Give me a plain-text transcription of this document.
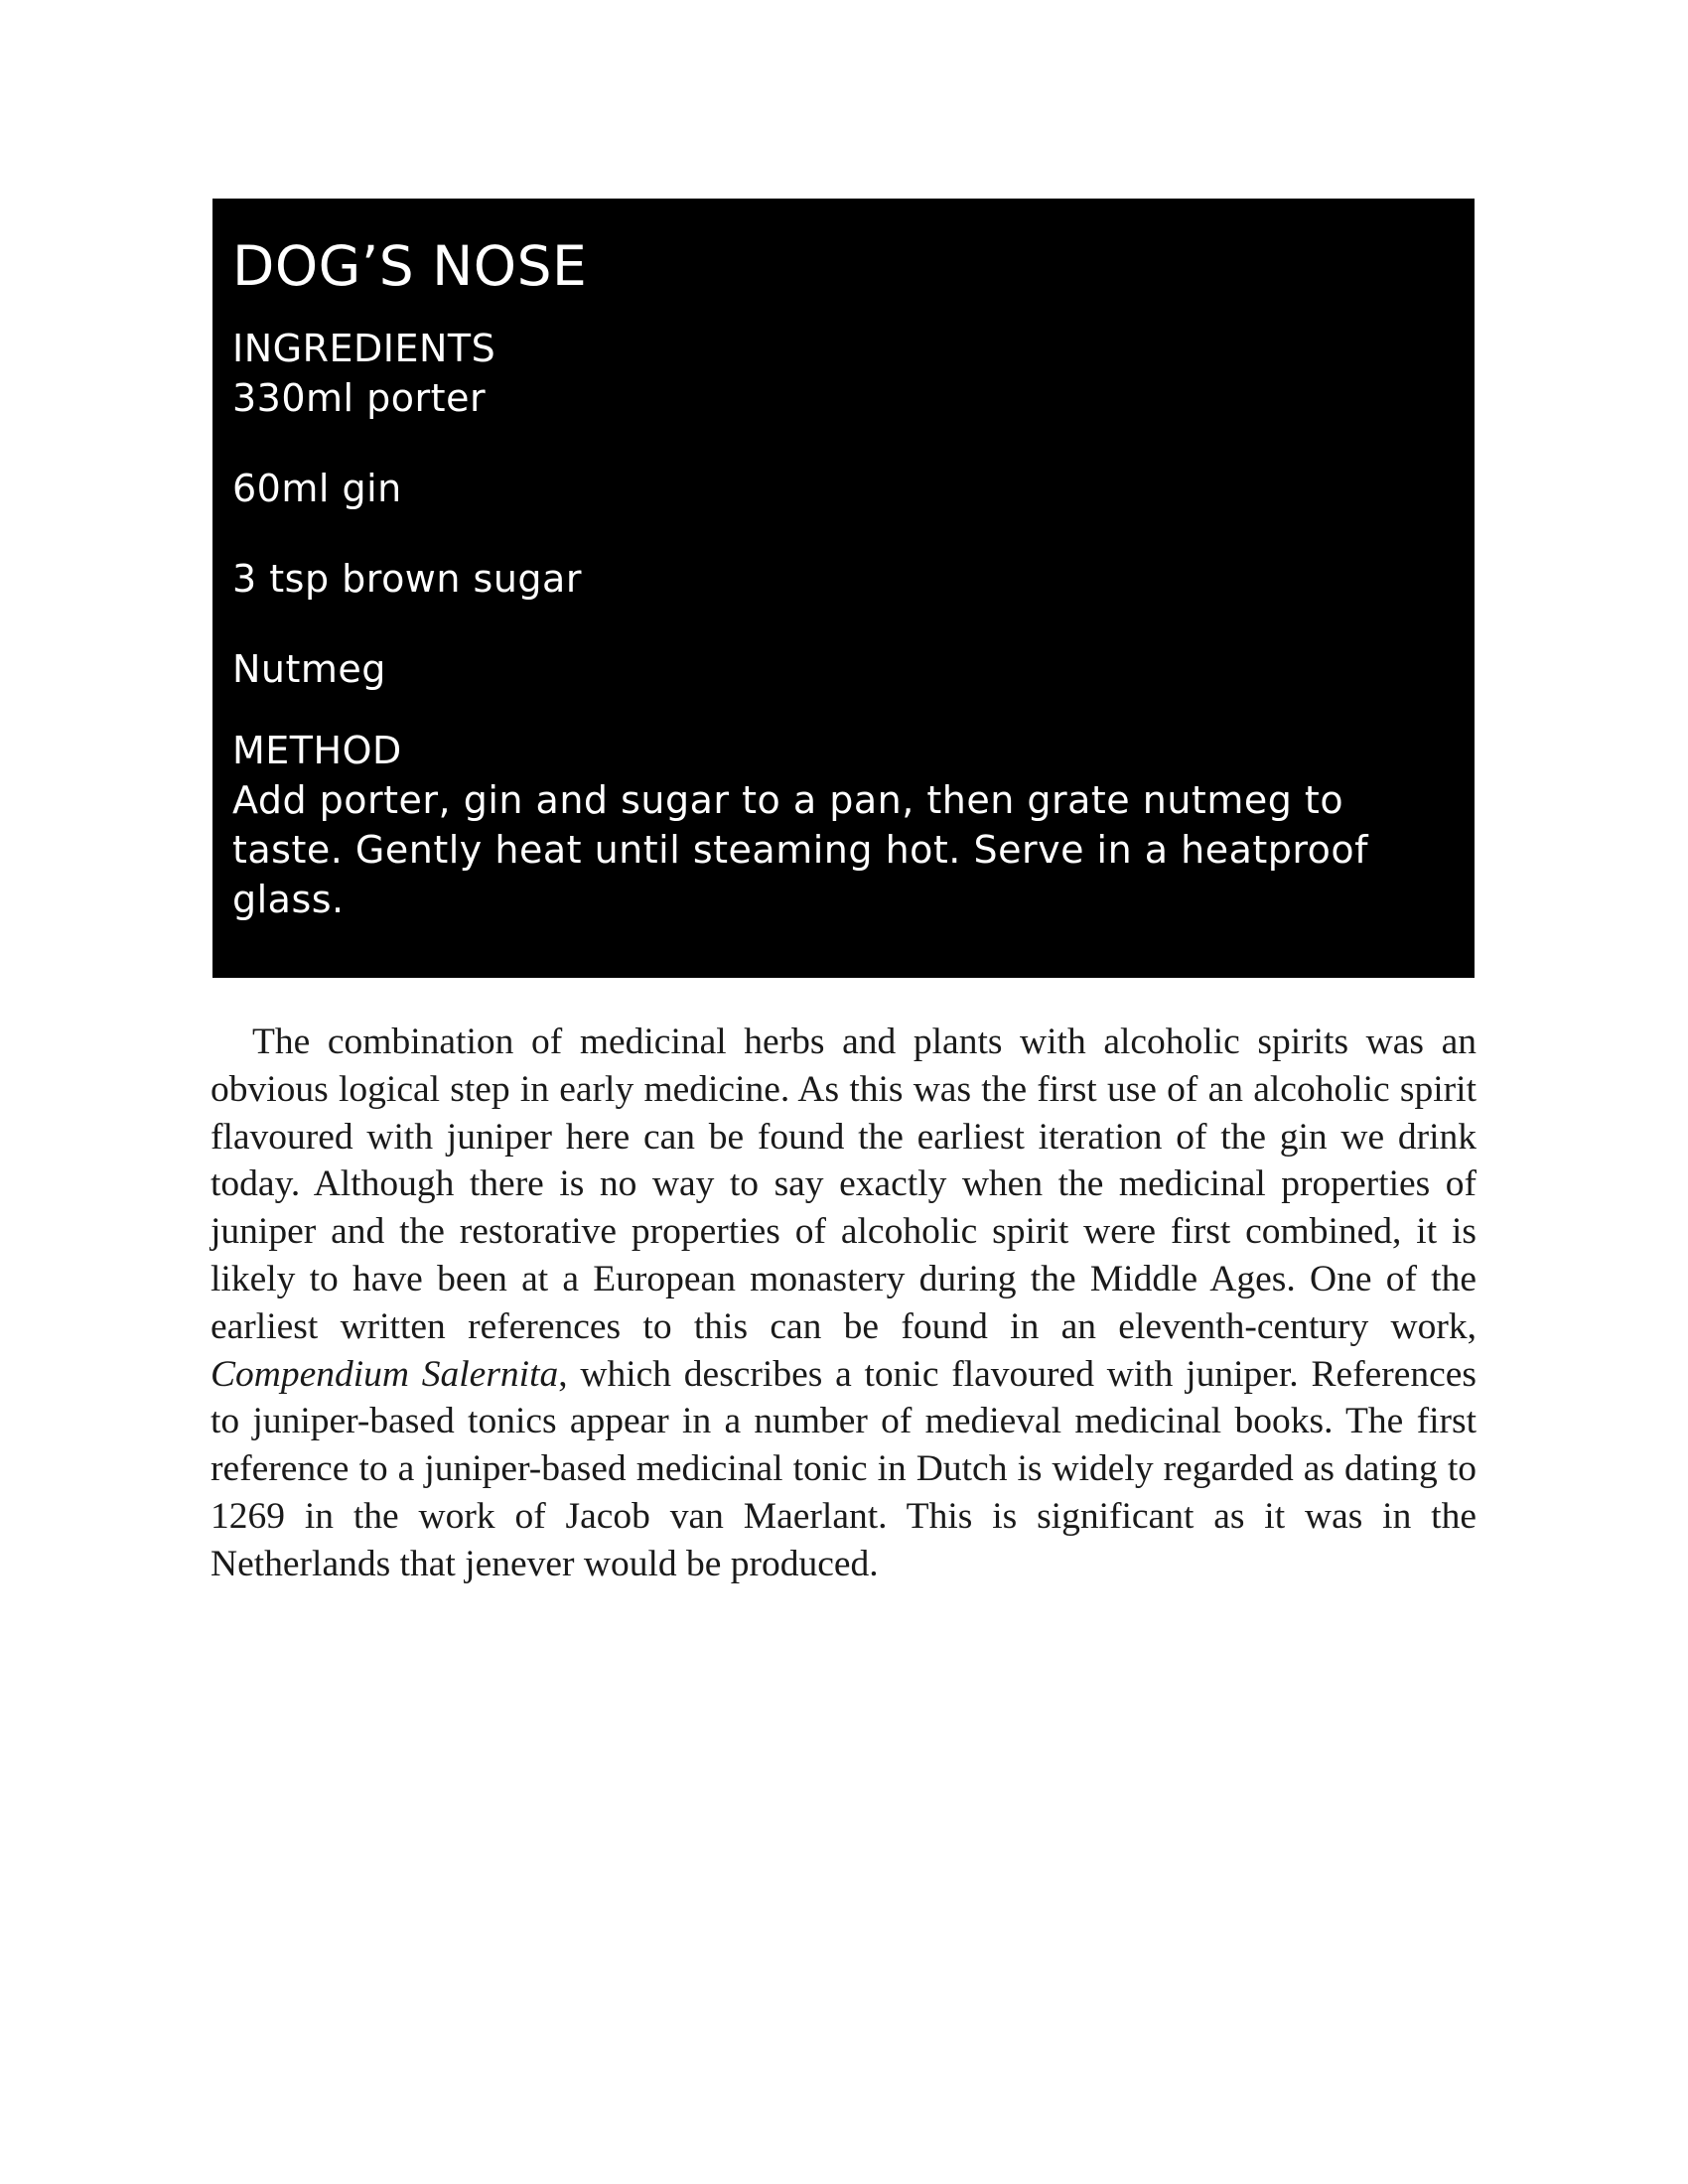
DOG’S NOSE
INGREDIENTS
330ml porter
60ml gin
3 tsp brown sugar
Nutmeg
METHOD
Add porter, gin and sugar to a pan, then grate nutmeg to taste. Gently heat until steaming hot. Serve in a heatproof glass.

The combination of medicinal herbs and plants with alcoholic spirits was an obvious logical step in early medicine. As this was the first use of an alcoholic spirit flavoured with juniper here can be found the earliest iteration of the gin we drink today. Although there is no way to say exactly when the medicinal properties of juniper and the restorative properties of alcoholic spirit were first combined, it is likely to have been at a European monastery during the Middle Ages. One of the earliest written references to this can be found in an eleventh-century work, Compendium Salernita, which describes a tonic flavoured with juniper. References to juniper-based tonics appear in a number of medieval medicinal books. The first reference to a juniper-based medicinal tonic in Dutch is widely regarded as dating to 1269 in the work of Jacob van Maerlant. This is significant as it was in the Netherlands that jenever would be produced.
